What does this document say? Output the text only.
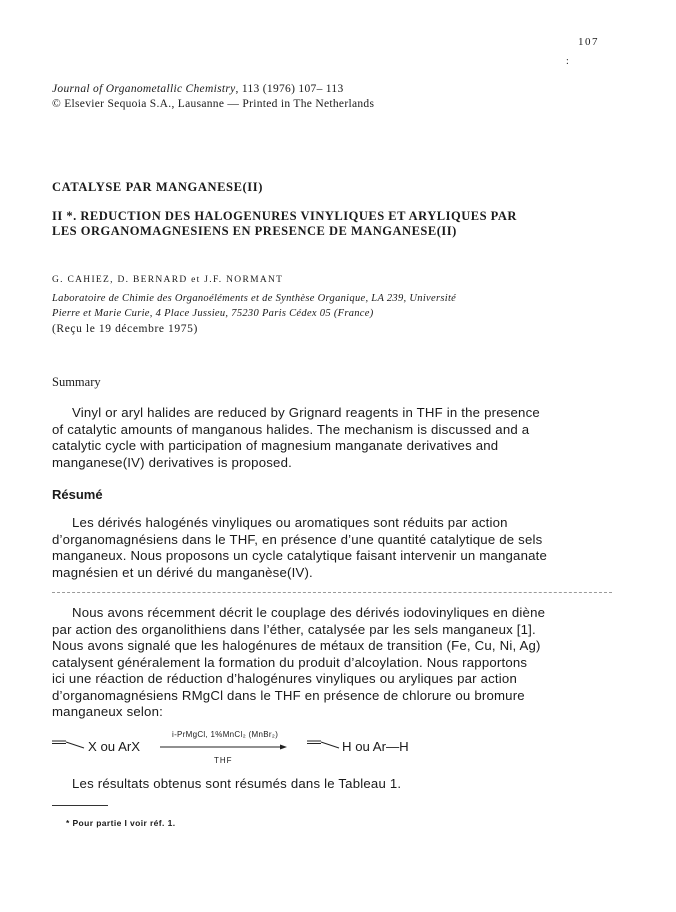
107
:
Journal of Organometallic Chemistry, 113 (1976) 107– 113
© Elsevier Sequoia S.A., Lausanne — Printed in The Netherlands
CATALYSE PAR MANGANESE(II)
II *. REDUCTION DES HALOGENURES VINYLIQUES ET ARYLIQUES PAR
LES ORGANOMAGNESIENS EN PRESENCE DE MANGANESE(II)
G. CAHIEZ, D. BERNARD et J.F. NORMANT
Laboratoire de Chimie des Organoéléments et de Synthèse Organique, LA 239, Université
Pierre et Marie Curie, 4 Place Jussieu, 75230 Paris Cédex 05 (France)
(Reçu le 19 décembre 1975)
Summary
Vinyl or aryl halides are reduced by Grignard reagents in THF in the presence
of catalytic amounts of manganous halides. The mechanism is discussed and a
catalytic cycle with participation of magnesium manganate derivatives and
manganese(IV) derivatives is proposed.
Résumé
Les dérivés halogénés vinyliques ou aromatiques sont réduits par action
d’organomagnésiens dans le THF, en présence d’une quantité catalytique de sels
manganeux. Nous proposons un cycle catalytique faisant intervenir un manganate
magnésien et un dérivé du manganèse(IV).
Nous avons récemment décrit le couplage des dérivés iodovinyliques en diène
par action des organolithiens dans l’éther, catalysée par les sels manganeux [1].
Nous avons signalé que les halogénures de métaux de transition (Fe, Cu, Ni, Ag)
catalysent généralement la formation du produit d’alcoylation. Nous rapportons
ici une réaction de réduction d’halogénures vinyliques ou aryliques par action
d’organomagnésiens RMgCl dans le THF en présence de chlorure ou bromure
manganeux selon:
X ou ArX
i-PrMgCl, 1%MnCl₂ (MnBr₂)
THF
H ou Ar—H
Les résultats obtenus sont résumés dans le Tableau 1.
* Pour partie I voir réf. 1.
